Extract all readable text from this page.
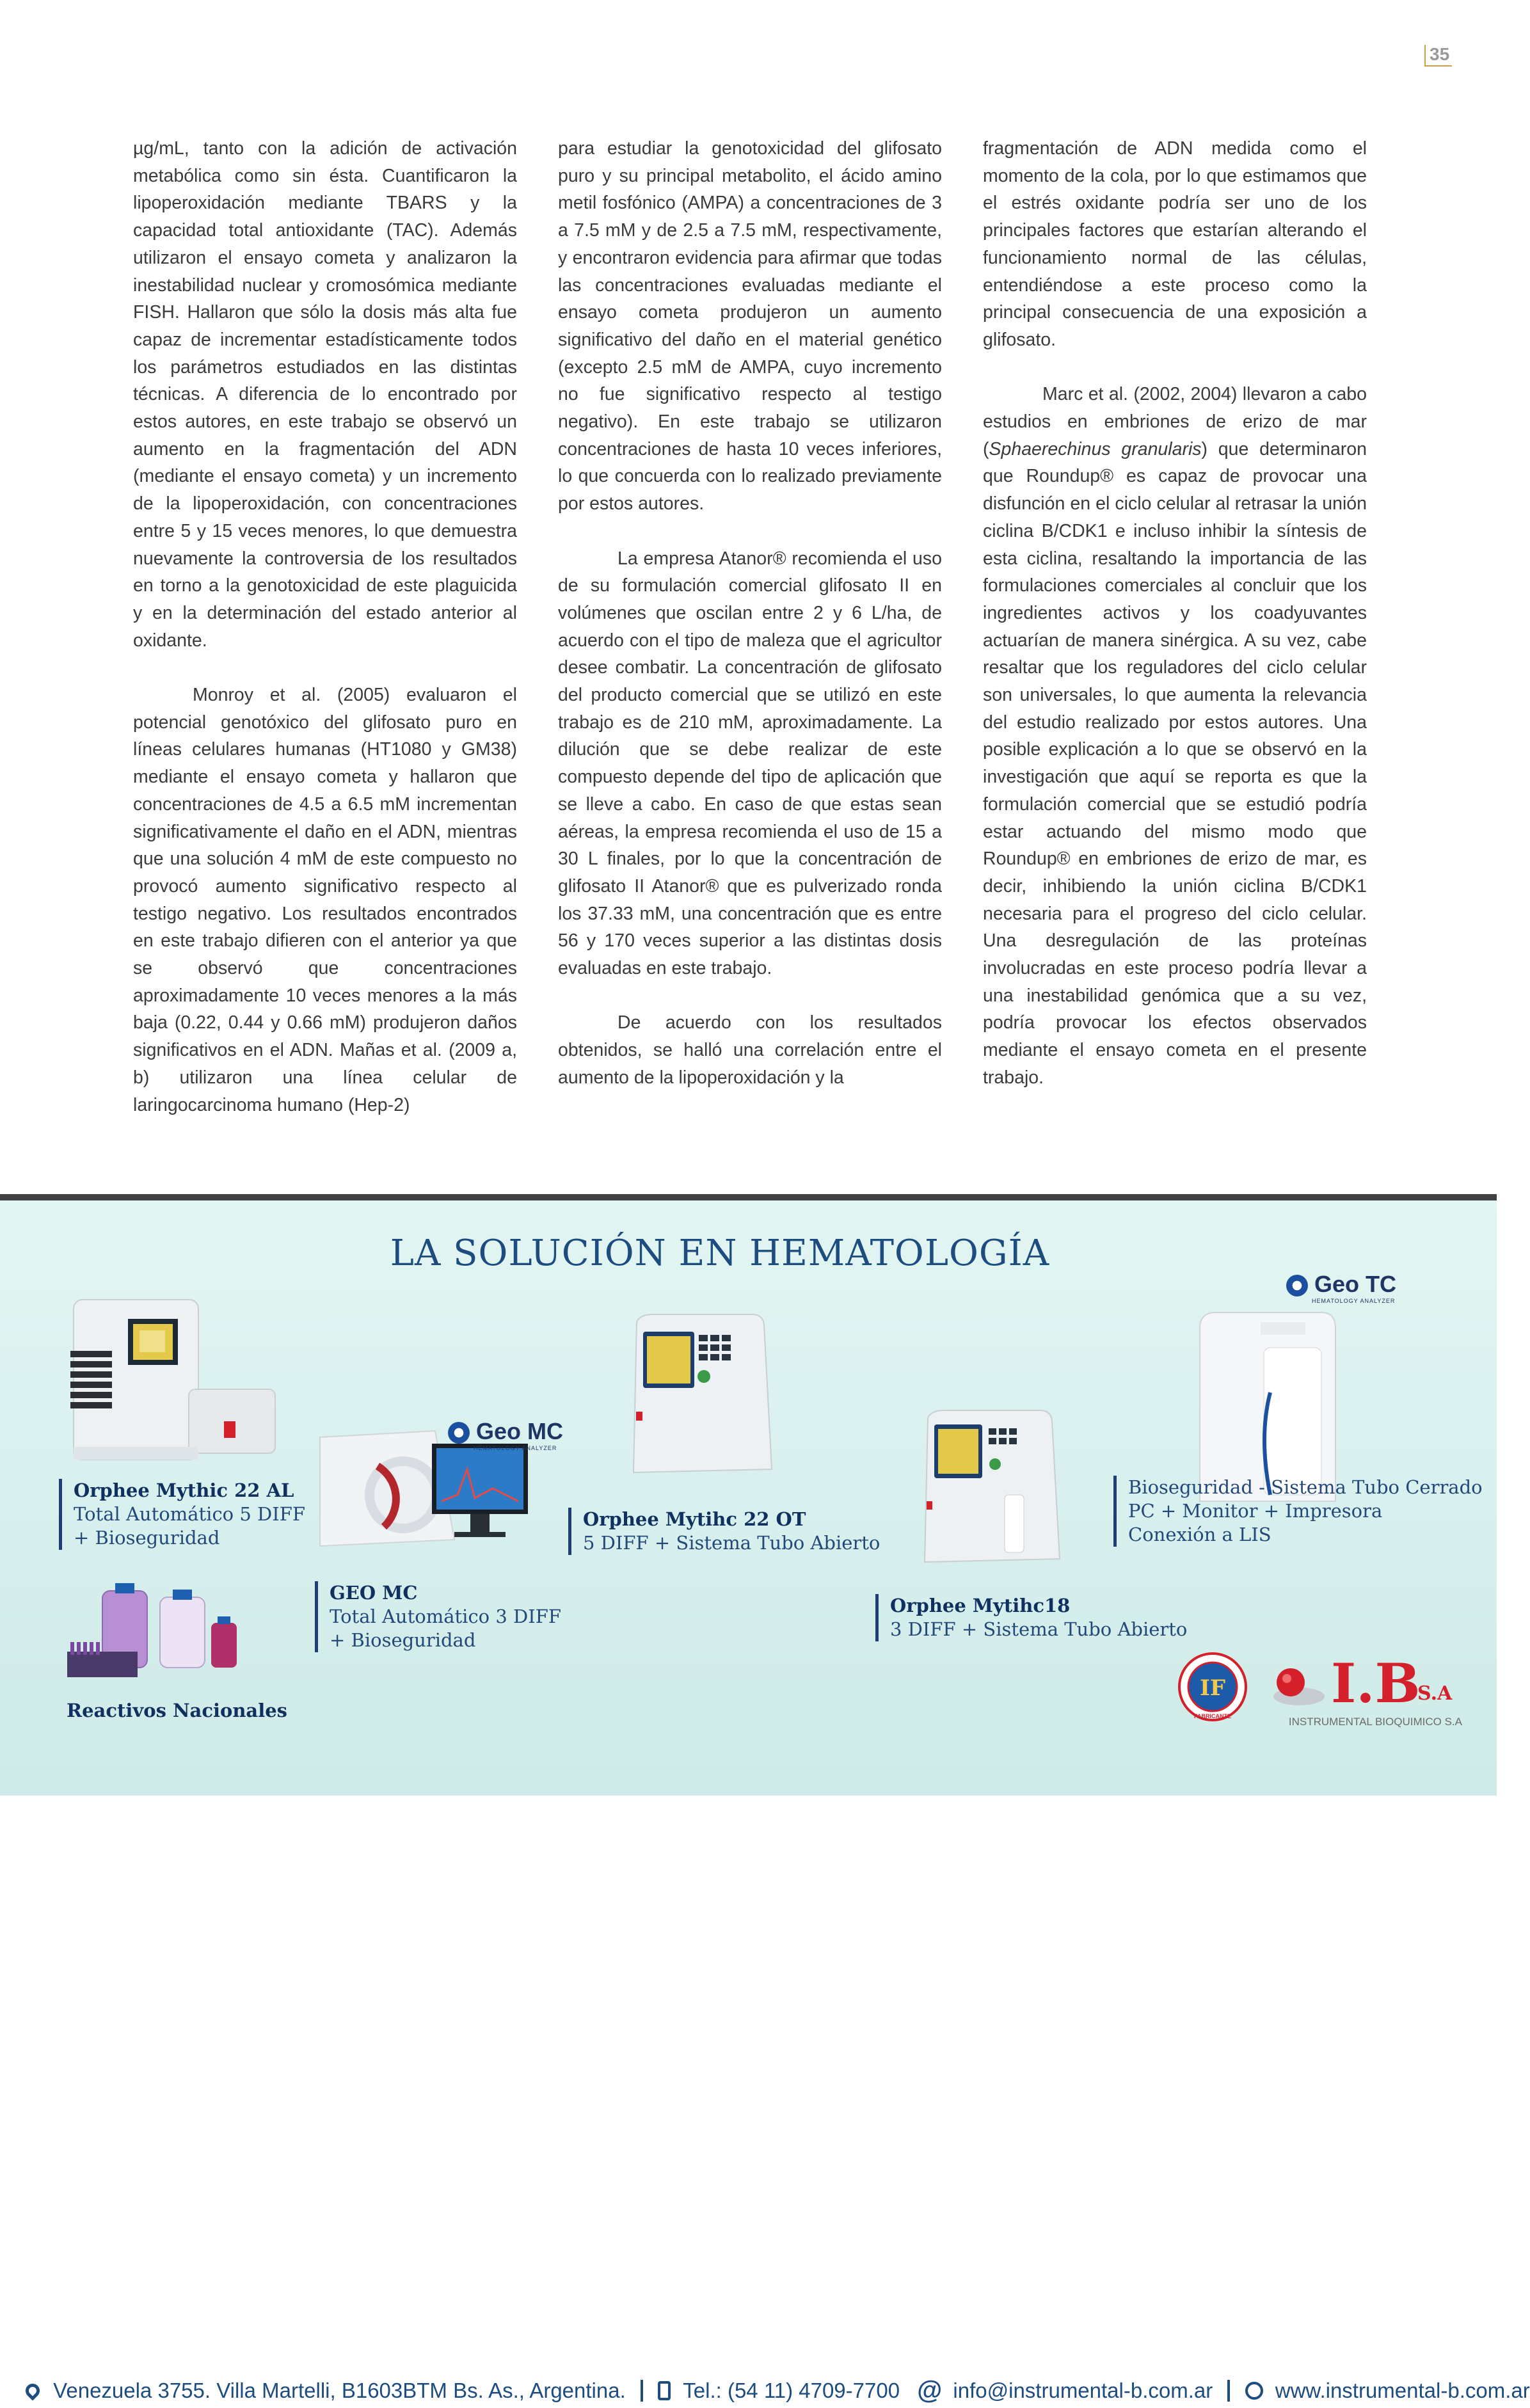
35

µg/mL, tanto con la adición de activación metabólica como sin ésta. Cuantificaron la lipoperoxidación mediante TBARS y la capacidad total antioxidante (TAC). Además utilizaron el ensayo cometa y analizaron la inestabilidad nuclear y cromosómica mediante FISH. Hallaron que sólo la dosis más alta fue capaz de incrementar estadísticamente todos los parámetros estudiados en las distintas técnicas. A diferencia de lo encontrado por estos autores, en este trabajo se observó un aumento en la fragmentación del ADN (mediante el ensayo cometa) y un incremento de la lipoperoxidación, con concentraciones entre 5 y 15 veces menores, lo que demuestra nuevamente la controversia de los resultados en torno a la genotoxicidad de este plaguicida y en la determinación del estado anterior al oxidante.

Monroy et al. (2005) evaluaron el potencial genotóxico del glifosato puro en líneas celulares humanas (HT1080 y GM38) mediante el ensayo cometa y hallaron que concentraciones de 4.5 a 6.5 mM incrementan significativamente el daño en el ADN, mientras que una solución 4 mM de este compuesto no provocó aumento significativo respecto al testigo negativo. Los resultados encontrados en este trabajo difieren con el anterior ya que se observó que concentraciones aproximadamente 10 veces menores a la más baja (0.22, 0.44 y 0.66 mM) produjeron daños significativos en el ADN. Mañas et al. (2009 a, b) utilizaron una línea celular de laringocarcinoma humano (Hep-2)

para estudiar la genotoxicidad del glifosato puro y su principal metabolito, el ácido amino metil fosfónico (AMPA) a concentraciones de 3 a 7.5 mM y de 2.5 a 7.5 mM, respectivamente, y encontraron evidencia para afirmar que todas las concentraciones evaluadas mediante el ensayo cometa produjeron un aumento significativo del daño en el material genético (excepto 2.5 mM de AMPA, cuyo incremento no fue significativo respecto al testigo negativo). En este trabajo se utilizaron concentraciones de hasta 10 veces inferiores, lo que concuerda con lo realizado previamente por estos autores.

La empresa Atanor® recomienda el uso de su formulación comercial glifosato II en volúmenes que oscilan entre 2 y 6 L/ha, de acuerdo con el tipo de maleza que el agricultor desee combatir. La concentración de glifosato del producto comercial que se utilizó en este trabajo es de 210 mM, aproximadamente. La dilución que se debe realizar de este compuesto depende del tipo de aplicación que se lleve a cabo. En caso de que estas sean aéreas, la empresa recomienda el uso de 15 a 30 L finales, por lo que la concentración de glifosato II Atanor® que es pulverizado ronda los 37.33 mM, una concentración que es entre 56 y 170 veces superior a las distintas dosis evaluadas en este trabajo.

De acuerdo con los resultados obtenidos, se halló una correlación entre el aumento de la lipoperoxidación y la

fragmentación de ADN medida como el momento de la cola, por lo que estimamos que el estrés oxidante podría ser uno de los principales factores que estarían alterando el funcionamiento normal de las células, entendiéndose a este proceso como la principal consecuencia de una exposición a glifosato.

Marc et al. (2002, 2004) llevaron a cabo estudios en embriones de erizo de mar (Sphaerechinus granularis) que determinaron que Roundup® es capaz de provocar una disfunción en el ciclo celular al retrasar la unión ciclina B/CDK1 e incluso inhibir la síntesis de esta ciclina, resaltando la importancia de las formulaciones comerciales al concluir que los ingredientes activos y los coadyuvantes actuarían de manera sinérgica. A su vez, cabe resaltar que los reguladores del ciclo celular son universales, lo que aumenta la relevancia del estudio realizado por estos autores. Una posible explicación a lo que se observó en la investigación que aquí se reporta es que la formulación comercial que se estudió podría estar actuando del mismo modo que Roundup® en embriones de erizo de mar, es decir, inhibiendo la unión ciclina B/CDK1 necesaria para el progreso del ciclo celular. Una desregulación de las proteínas involucradas en este proceso podría llevar a una inestabilidad genómica que a su vez, podría provocar los efectos observados mediante el ensayo cometa en el presente trabajo.

LA SOLUCIÓN EN HEMATOLOGÍA
Geo MC
HEMATOLOGY ANALYZER
Geo TC
HEMATOLOGY ANALYZER
Orphee Mythic 22 AL
Total Automático 5 DIFF
+ Bioseguridad
GEO MC
Total Automático 3 DIFF
+ Bioseguridad
Orphee Mytihc 22 OT
5 DIFF + Sistema Tubo Abierto
Orphee Mytihc18
3 DIFF + Sistema Tubo Abierto
Bioseguridad - Sistema Tubo Cerrado
PC + Monitor + Impresora
Conexión a LIS
Reactivos Nacionales
IF
FABRICANTE
I.B
S.A
INSTRUMENTAL BIOQUIMICO S.A
Venezuela 3755. Villa Martelli, B1603BTM Bs. As., Argentina.	Tel.: (54 11) 4709-7700 @ info@instrumental-b.com.ar	www.instrumental-b.com.ar
